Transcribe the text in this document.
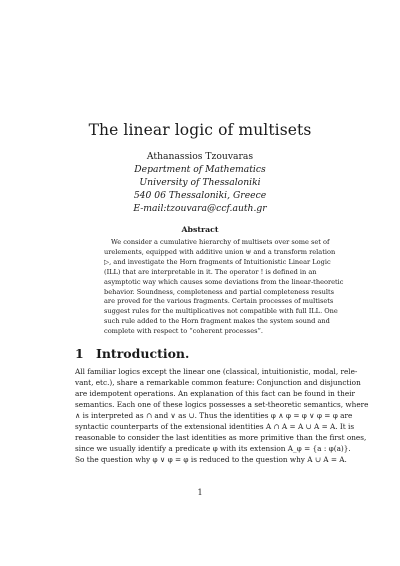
The linear logic of multisets
Athanassios Tzouvaras
Department of Mathematics
University of Thessaloniki
540 06 Thessaloniki, Greece
E-mail:tzouvara@ccf.auth.gr
Abstract
We consider a cumulative hierarchy of multisets over some set of
urelements, equipped with additive union ⊎ and a transform relation
▷, and investigate the Horn fragments of Intuitionistic Linear Logic
(ILL) that are interpretable in it. The operator ! is defined in an
asymptotic way which causes some deviations from the linear-theoretic
behavior. Soundness, completeness and partial completeness results
are proved for the various fragments. Certain processes of multisets
suggest rules for the multiplicatives not compatible with full ILL. One
such rule added to the Horn fragment makes the system sound and
complete with respect to “coherent processes”.
1 Introduction.
All familiar logics except the linear one (classical, intuitionistic, modal, rele-
vant, etc.), share a remarkable common feature: Conjunction and disjunction
are idempotent operations. An explanation of this fact can be found in their
semantics. Each one of these logics possesses a set-theoretic semantics, where
∧ is interpreted as ∩ and ∨ as ∪. Thus the identities φ ∧ φ = φ ∨ φ = φ are
syntactic counterparts of the extensional identities A ∩ A = A ∪ A = A. It is
reasonable to consider the last identities as more primitive than the first ones,
since we usually identify a predicate φ with its extension A_φ = {a : φ(a)}.
So the question why φ ∨ φ = φ is reduced to the question why A ∪ A = A.
1
